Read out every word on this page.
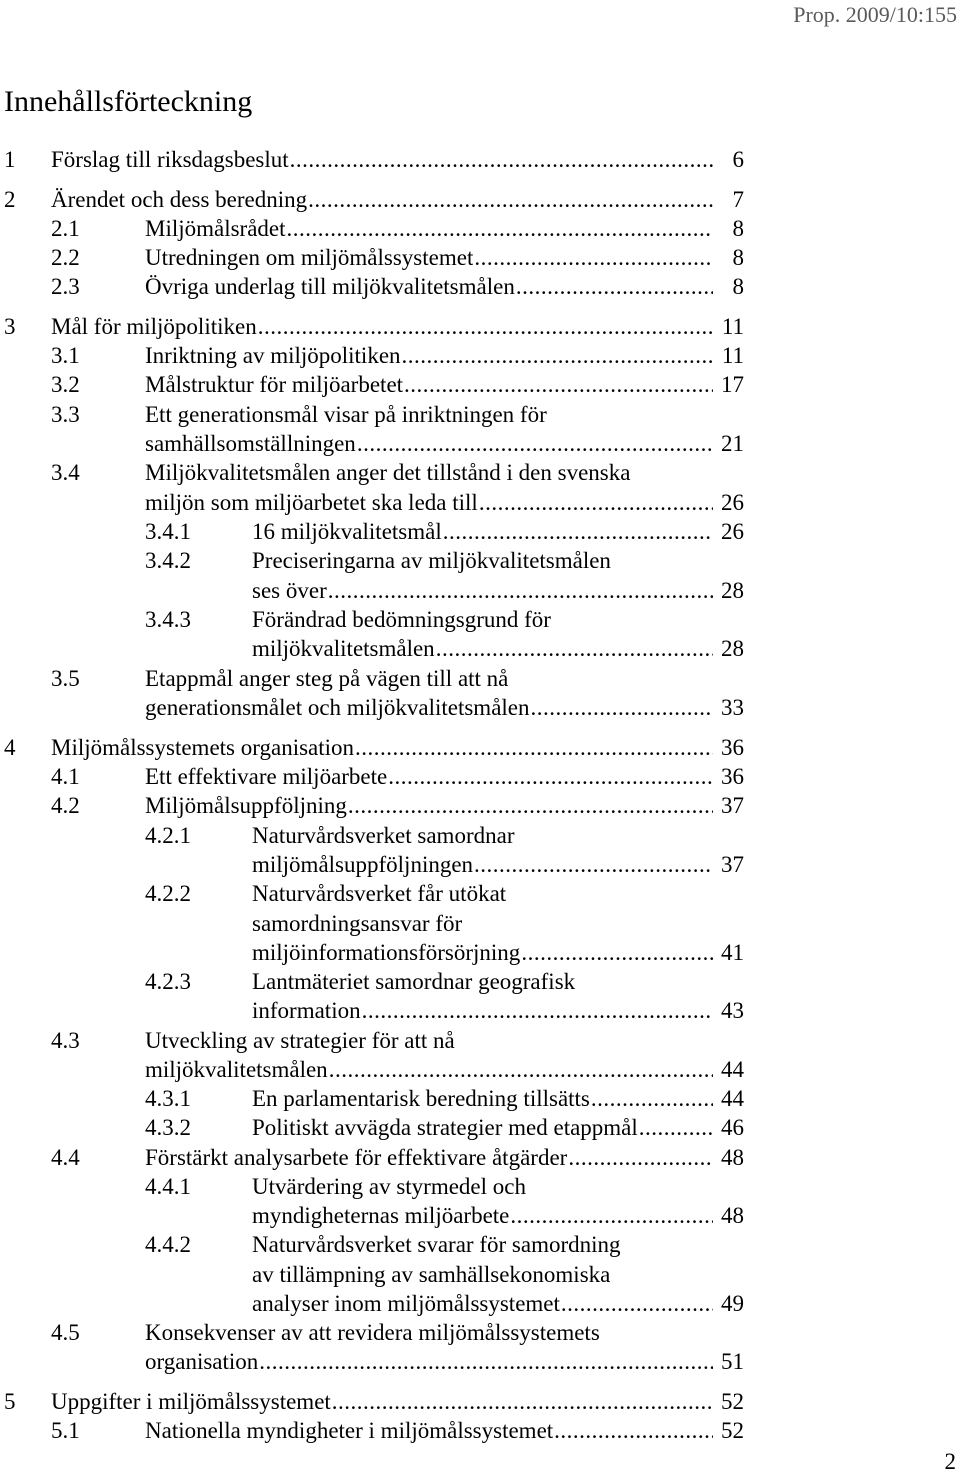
Prop. 2009/10:155
Innehållsförteckning
1 Förslag till riksdagsbeslut .....	6
2 Ärendet och dess beredning .....	7
2.1	Miljömålsrådet .....	8
2.2	Utredningen om miljömålssystemet .....	8
2.3	Övriga underlag till miljökvalitetsmålen .....	8
3 Mål för miljöpolitiken .....	11
3.1	Inriktning av miljöpolitiken .....	11
3.2	Målstruktur för miljöarbetet .....	17
3.3	Ett generationsmål visar på inriktningen för
samhällsomställningen .....	21
3.4	Miljökvalitetsmålen anger det tillstånd i den svenska
miljön som miljöarbetet ska leda till .....	26
3.4.1	16 miljökvalitetsmål .....	26
3.4.2	Preciseringarna av miljökvalitetsmålen
ses över .....	28
3.4.3	Förändrad bedömningsgrund för
miljökvalitetsmålen .....	28
3.5	Etappmål anger steg på vägen till att nå
generationsmålet och miljökvalitetsmålen .....	33
4 Miljömålssystemets organisation .....	36
4.1	Ett effektivare miljöarbete .....	36
4.2	Miljömålsuppföljning .....	37
4.2.1	Naturvårdsverket samordnar
miljömålsuppföljningen .....	37
4.2.2	Naturvårdsverket får utökat
samordningsansvar för
miljöinformationsförsörjning .....	41
4.2.3	Lantmäteriet samordnar geografisk
information .....	43
4.3	Utveckling av strategier för att nå
miljökvalitetsmålen .....	44
4.3.1	En parlamentarisk beredning tillsätts .....	44
4.3.2	Politiskt avvägda strategier med etappmål .....	46
4.4	Förstärkt analysarbete för effektivare åtgärder .....	48
4.4.1	Utvärdering av styrmedel och
myndigheternas miljöarbete .....	48
4.4.2	Naturvårdsverket svarar för samordning
av tillämpning av samhällsekonomiska
analyser inom miljömålssystemet .....	49
4.5	Konsekvenser av att revidera miljömålssystemets
organisation .....	51
5 Uppgifter i miljömålssystemet .....	52
5.1	Nationella myndigheter i miljömålssystemet .....	52
2
